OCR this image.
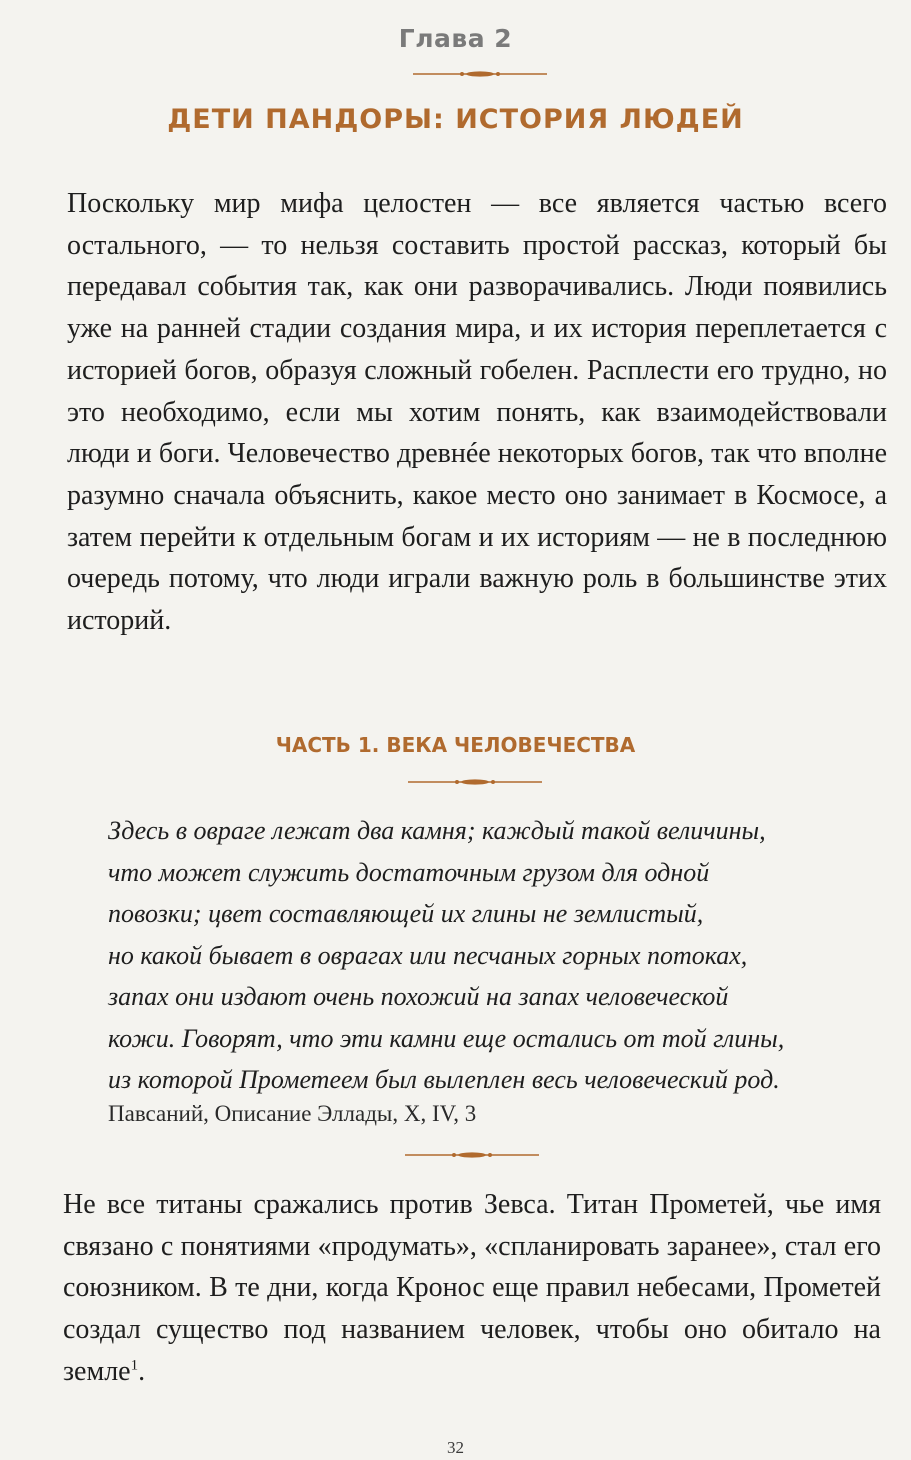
Глава 2
ДЕТИ ПАНДОРЫ: ИСТОРИЯ ЛЮДЕЙ
Поскольку мир мифа целостен — все является частью всего остального, — то нельзя составить простой рассказ, который бы передавал события так, как они разворачивались. Люди появились уже на ранней стадии создания мира, и их история переплетается с историей богов, образуя сложный гобелен. Расплести его трудно, но это необходимо, если мы хотим понять, как взаимодействовали люди и боги. Человечество древнée некоторых богов, так что вполне разумно сначала объяснить, какое место оно занимает в Космосе, а затем перейти к отдельным богам и их историям — не в последнюю очередь потому, что люди играли важную роль в большинстве этих историй.
ЧАСТЬ 1. ВЕКА ЧЕЛОВЕЧЕСТВА
Здесь в овраге лежат два камня; каждый такой величины,
что может служить достаточным грузом для одной
повозки; цвет составляющей их глины не землистый,
но какой бывает в оврагах или песчаных горных потоках,
запах они издают очень похожий на запах человеческой
кожи. Говорят, что эти камни еще остались от той глины,
из которой Прометеем был вылеплен весь человеческий род.
Павсаний, Описание Эллады, X, IV, 3
Не все титаны сражались против Зевса. Титан Прометей, чье имя связано с понятиями «продумать», «спланировать заранее», стал его союзником. В те дни, когда Кронос еще правил небесами, Прометей создал существо под названием человек, чтобы оно обитало на земле$^1$.
32
